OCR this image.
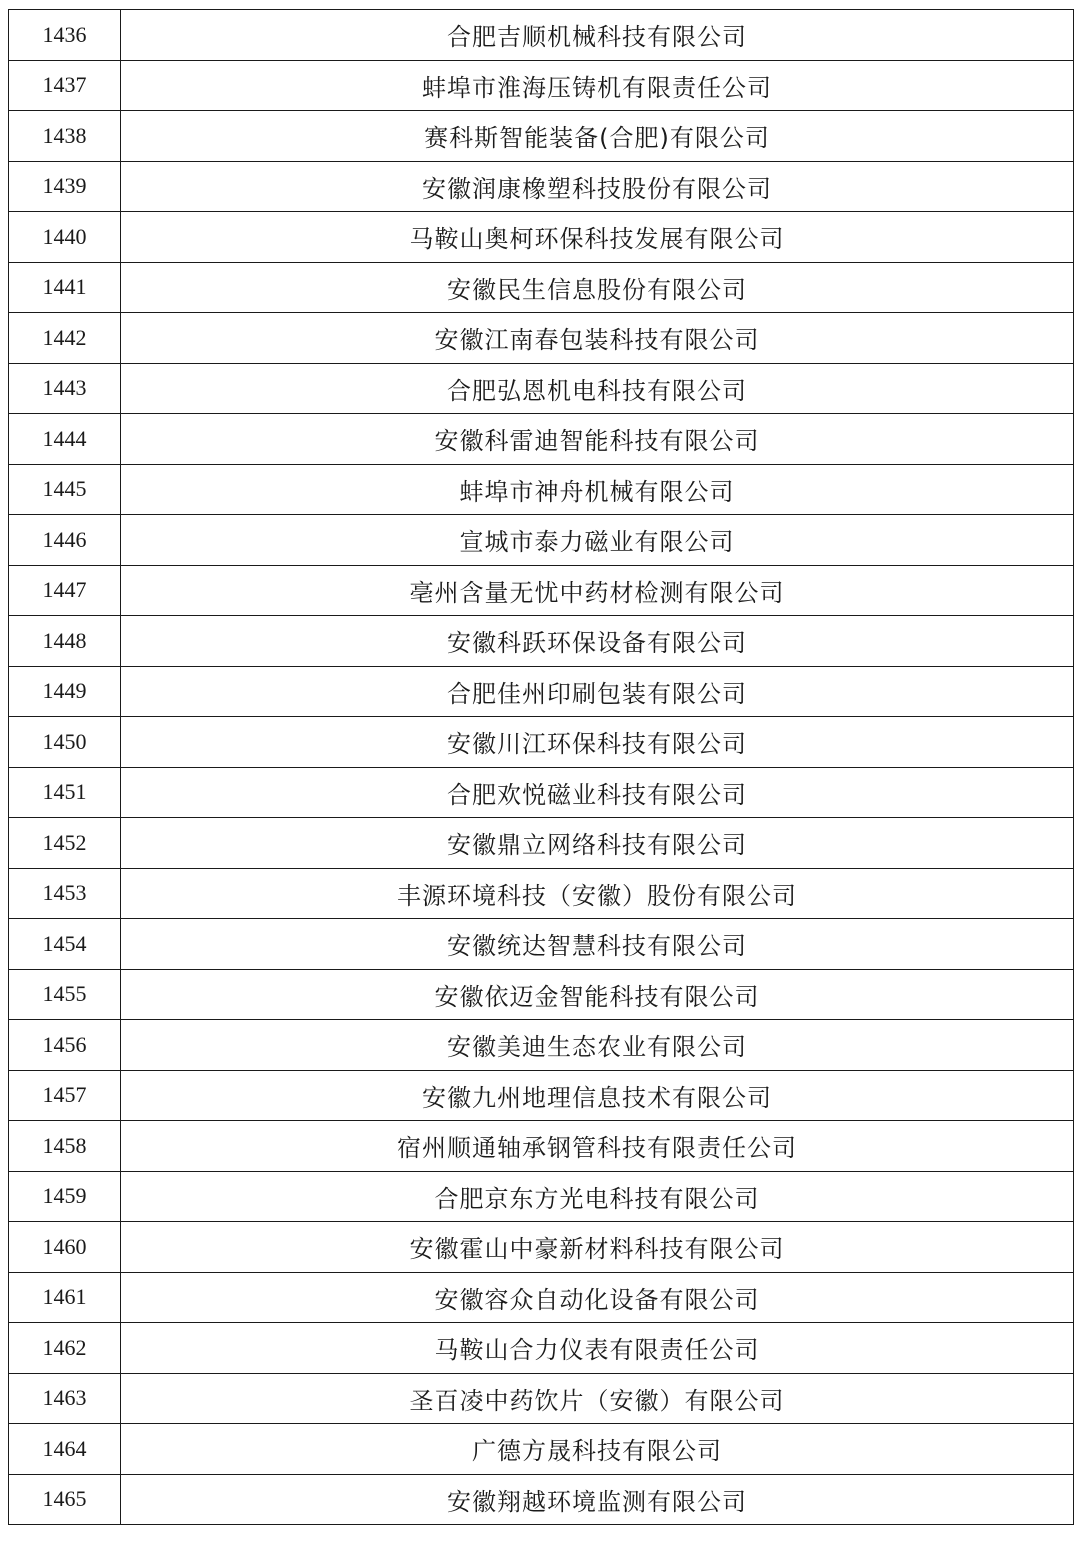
1436	合肥吉顺机械科技有限公司
1437	蚌埠市淮海压铸机有限责任公司
1438	赛科斯智能装备(合肥)有限公司
1439	安徽润康橡塑科技股份有限公司
1440	马鞍山奥柯环保科技发展有限公司
1441	安徽民生信息股份有限公司
1442	安徽江南春包装科技有限公司
1443	合肥弘恩机电科技有限公司
1444	安徽科雷迪智能科技有限公司
1445	蚌埠市神舟机械有限公司
1446	宣城市泰力磁业有限公司
1447	亳州含量无忧中药材检测有限公司
1448	安徽科跃环保设备有限公司
1449	合肥佳州印刷包装有限公司
1450	安徽川江环保科技有限公司
1451	合肥欢悦磁业科技有限公司
1452	安徽鼎立网络科技有限公司
1453	丰源环境科技（安徽）股份有限公司
1454	安徽统达智慧科技有限公司
1455	安徽依迈金智能科技有限公司
1456	安徽美迪生态农业有限公司
1457	安徽九州地理信息技术有限公司
1458	宿州顺通轴承钢管科技有限责任公司
1459	合肥京东方光电科技有限公司
1460	安徽霍山中豪新材料科技有限公司
1461	安徽容众自动化设备有限公司
1462	马鞍山合力仪表有限责任公司
1463	圣百凌中药饮片（安徽）有限公司
1464	广德方晟科技有限公司
1465	安徽翔越环境监测有限公司
